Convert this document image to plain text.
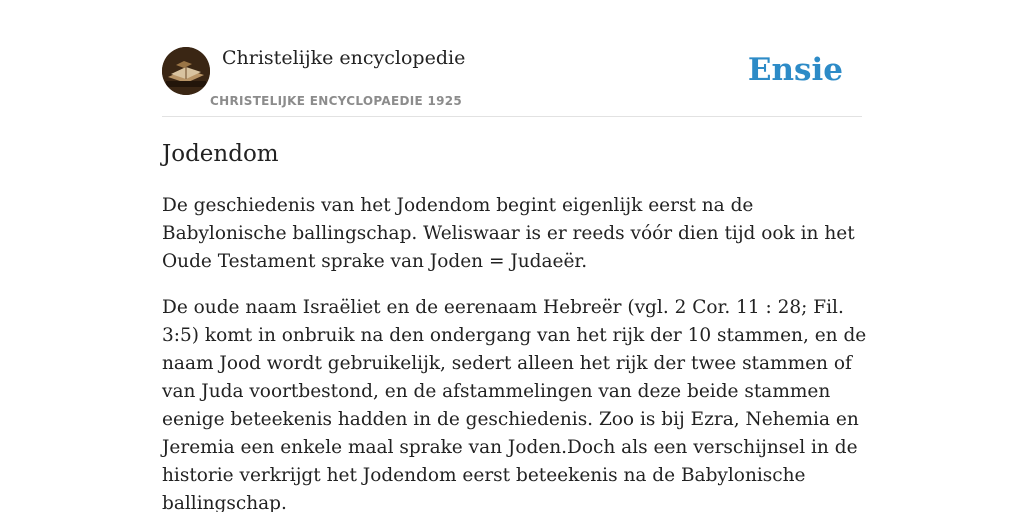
Christelijke encyclopedie
CHRISTELIJKE ENCYCLOPAEDIE 1925
Ensie
Jodendom

De geschiedenis van het Jodendom begint eigenlijk eerst na de Babylonische ballingschap. Weliswaar is er reeds vóór dien tijd ook in het Oude Testament sprake van Joden = Judaeër.

De oude naam Israëliet en de eerenaam Hebreër (vgl. 2 Cor. 11 : 28; Fil. 3:5) komt in onbruik na den ondergang van het rijk der 10 stammen, en de naam Jood wordt gebruikelijk, sedert alleen het rijk der twee stammen of van Juda voortbestond, en de afstammelingen van deze beide stammen eenige beteekenis hadden in de geschiedenis. Zoo is bij Ezra, Nehemia en Jeremia een enkele maal sprake van Joden.Doch als een verschijnsel in de historie verkrijgt het Jodendom eerst beteekenis na de Babylonische ballingschap.
